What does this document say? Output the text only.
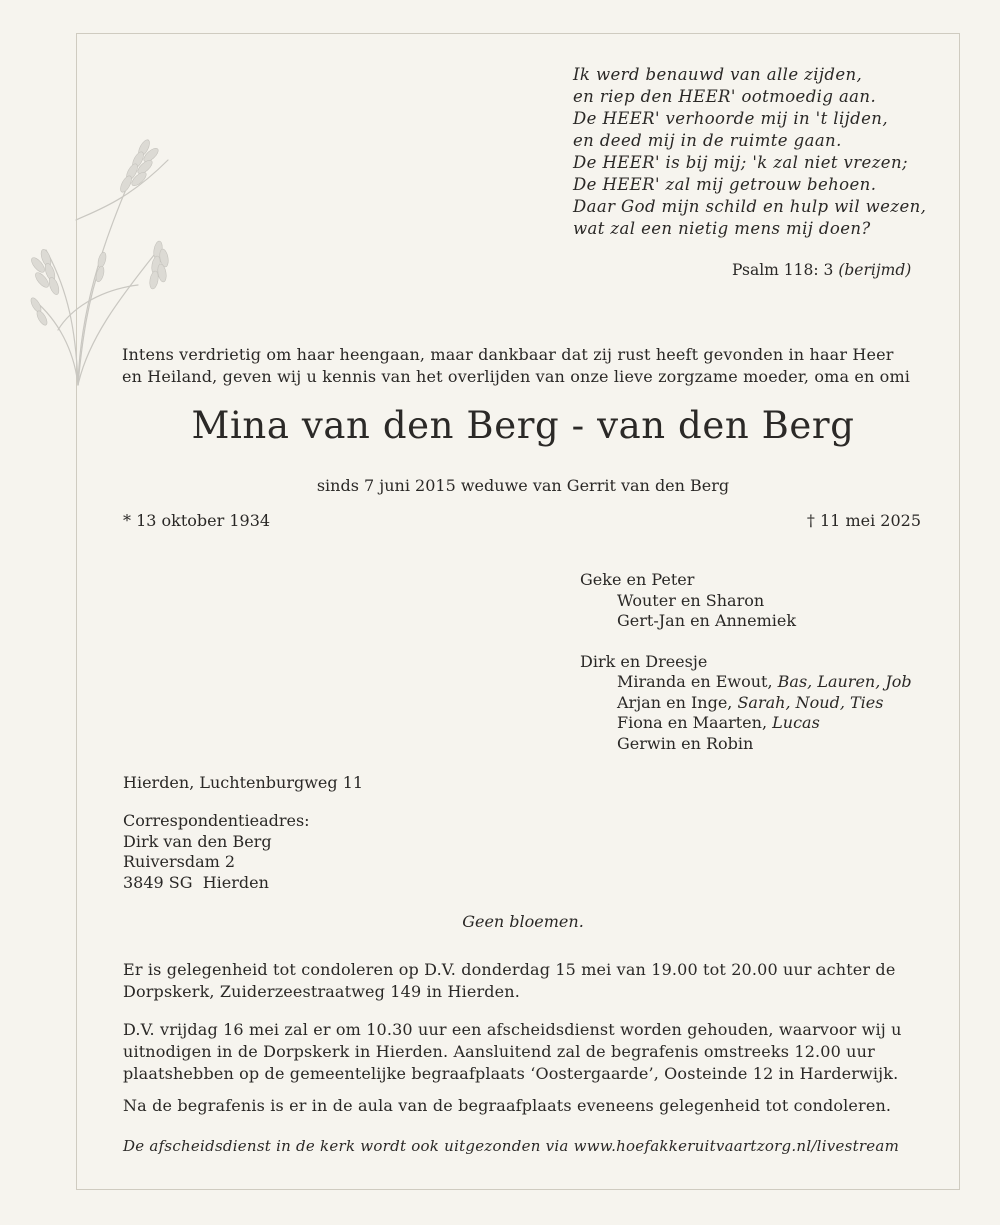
Ik werd benauwd van alle zijden,
en riep den HEER' ootmoedig aan.
De HEER' verhoorde mij in 't lijden,
en deed mij in de ruimte gaan.
De HEER' is bij mij; 'k zal niet vrezen;
De HEER' zal mij getrouw behoen.
Daar God mijn schild en hulp wil wezen,
wat zal een nietig mens mij doen?
Psalm 118: 3 (berijmd)
Intens verdrietig om haar heengaan, maar dankbaar dat zij rust heeft gevonden in haar Heer
en Heiland, geven wij u kennis van het overlijden van onze lieve zorgzame moeder, oma en omi
Mina van den Berg - van den Berg
sinds 7 juni 2015 weduwe van Gerrit van den Berg
* 13 oktober 1934	† 11 mei 2025
Geke en Peter
Wouter en Sharon
Gert-Jan en Annemiek
Dirk en Dreesje
Miranda en Ewout, Bas, Lauren, Job
Arjan en Inge, Sarah, Noud, Ties
Fiona en Maarten, Lucas
Gerwin en Robin
Hierden, Luchtenburgweg 11
Correspondentieadres:
Dirk van den Berg
Ruiversdam 2
3849 SG  Hierden
Geen bloemen.
Er is gelegenheid tot condoleren op D.V. donderdag 15 mei van 19.00 tot 20.00 uur achter de
Dorpskerk, Zuiderzeestraatweg 149 in Hierden.
D.V. vrijdag 16 mei zal er om 10.30 uur een afscheidsdienst worden gehouden, waarvoor wij u
uitnodigen in de Dorpskerk in Hierden. Aansluitend zal de begrafenis omstreeks 12.00 uur
plaatshebben op de gemeentelijke begraafplaats ‘Oostergaarde’, Oosteinde 12 in Harderwijk.
Na de begrafenis is er in de aula van de begraafplaats eveneens gelegenheid tot condoleren.
De afscheidsdienst in de kerk wordt ook uitgezonden via www.hoefakkeruitvaartzorg.nl/livestream
